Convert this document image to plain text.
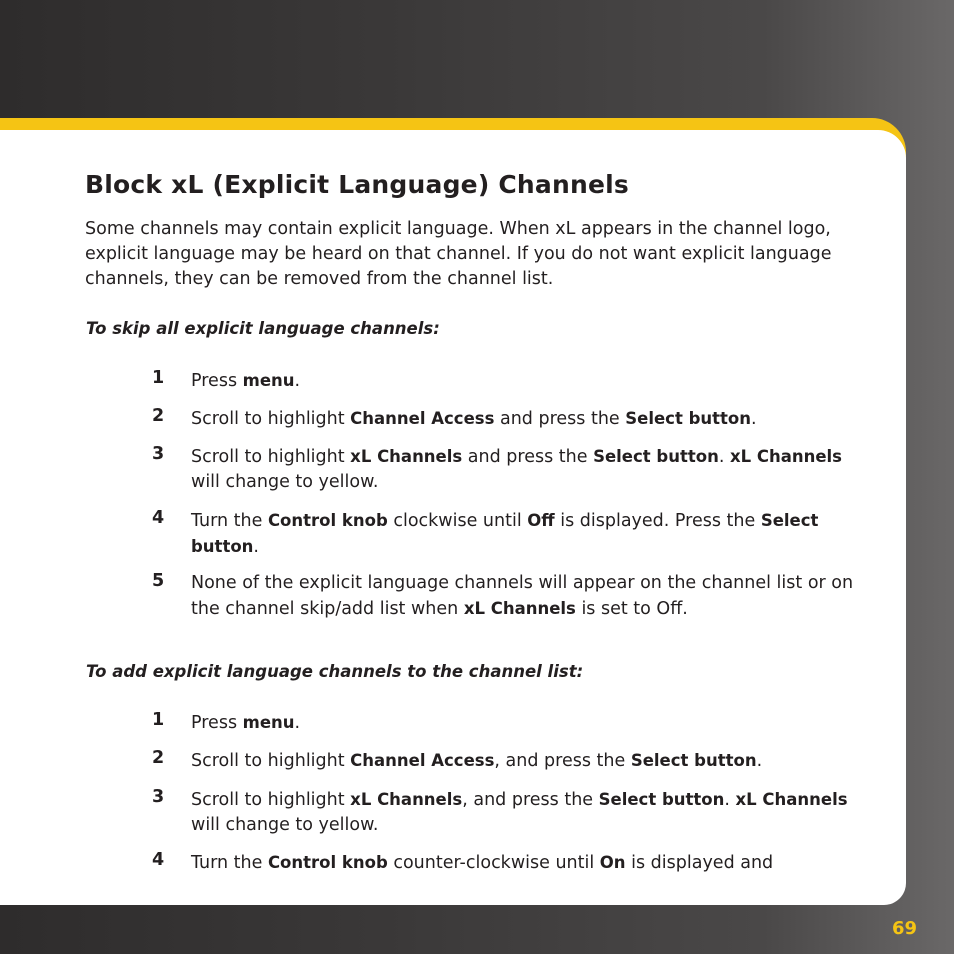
Block xL (Explicit Language) Channels

Some channels may contain explicit language. When xL appears in the channel logo, explicit language may be heard on that channel. If you do not want explicit language channels, they can be removed from the channel list.

To skip all explicit language channels:

1 Press menu.
2 Scroll to highlight Channel Access and press the Select button.
3 Scroll to highlight xL Channels and press the Select button. xL Channels will change to yellow.
4 Turn the Control knob clockwise until Off is displayed. Press the Select button.
5 None of the explicit language channels will appear on the channel list or on the channel skip/add list when xL Channels is set to Off.

To add explicit language channels to the channel list:

1 Press menu.
2 Scroll to highlight Channel Access, and press the Select button.
3 Scroll to highlight xL Channels, and press the Select button. xL Channels will change to yellow.
4 Turn the Control knob counter-clockwise until On is displayed and
69
